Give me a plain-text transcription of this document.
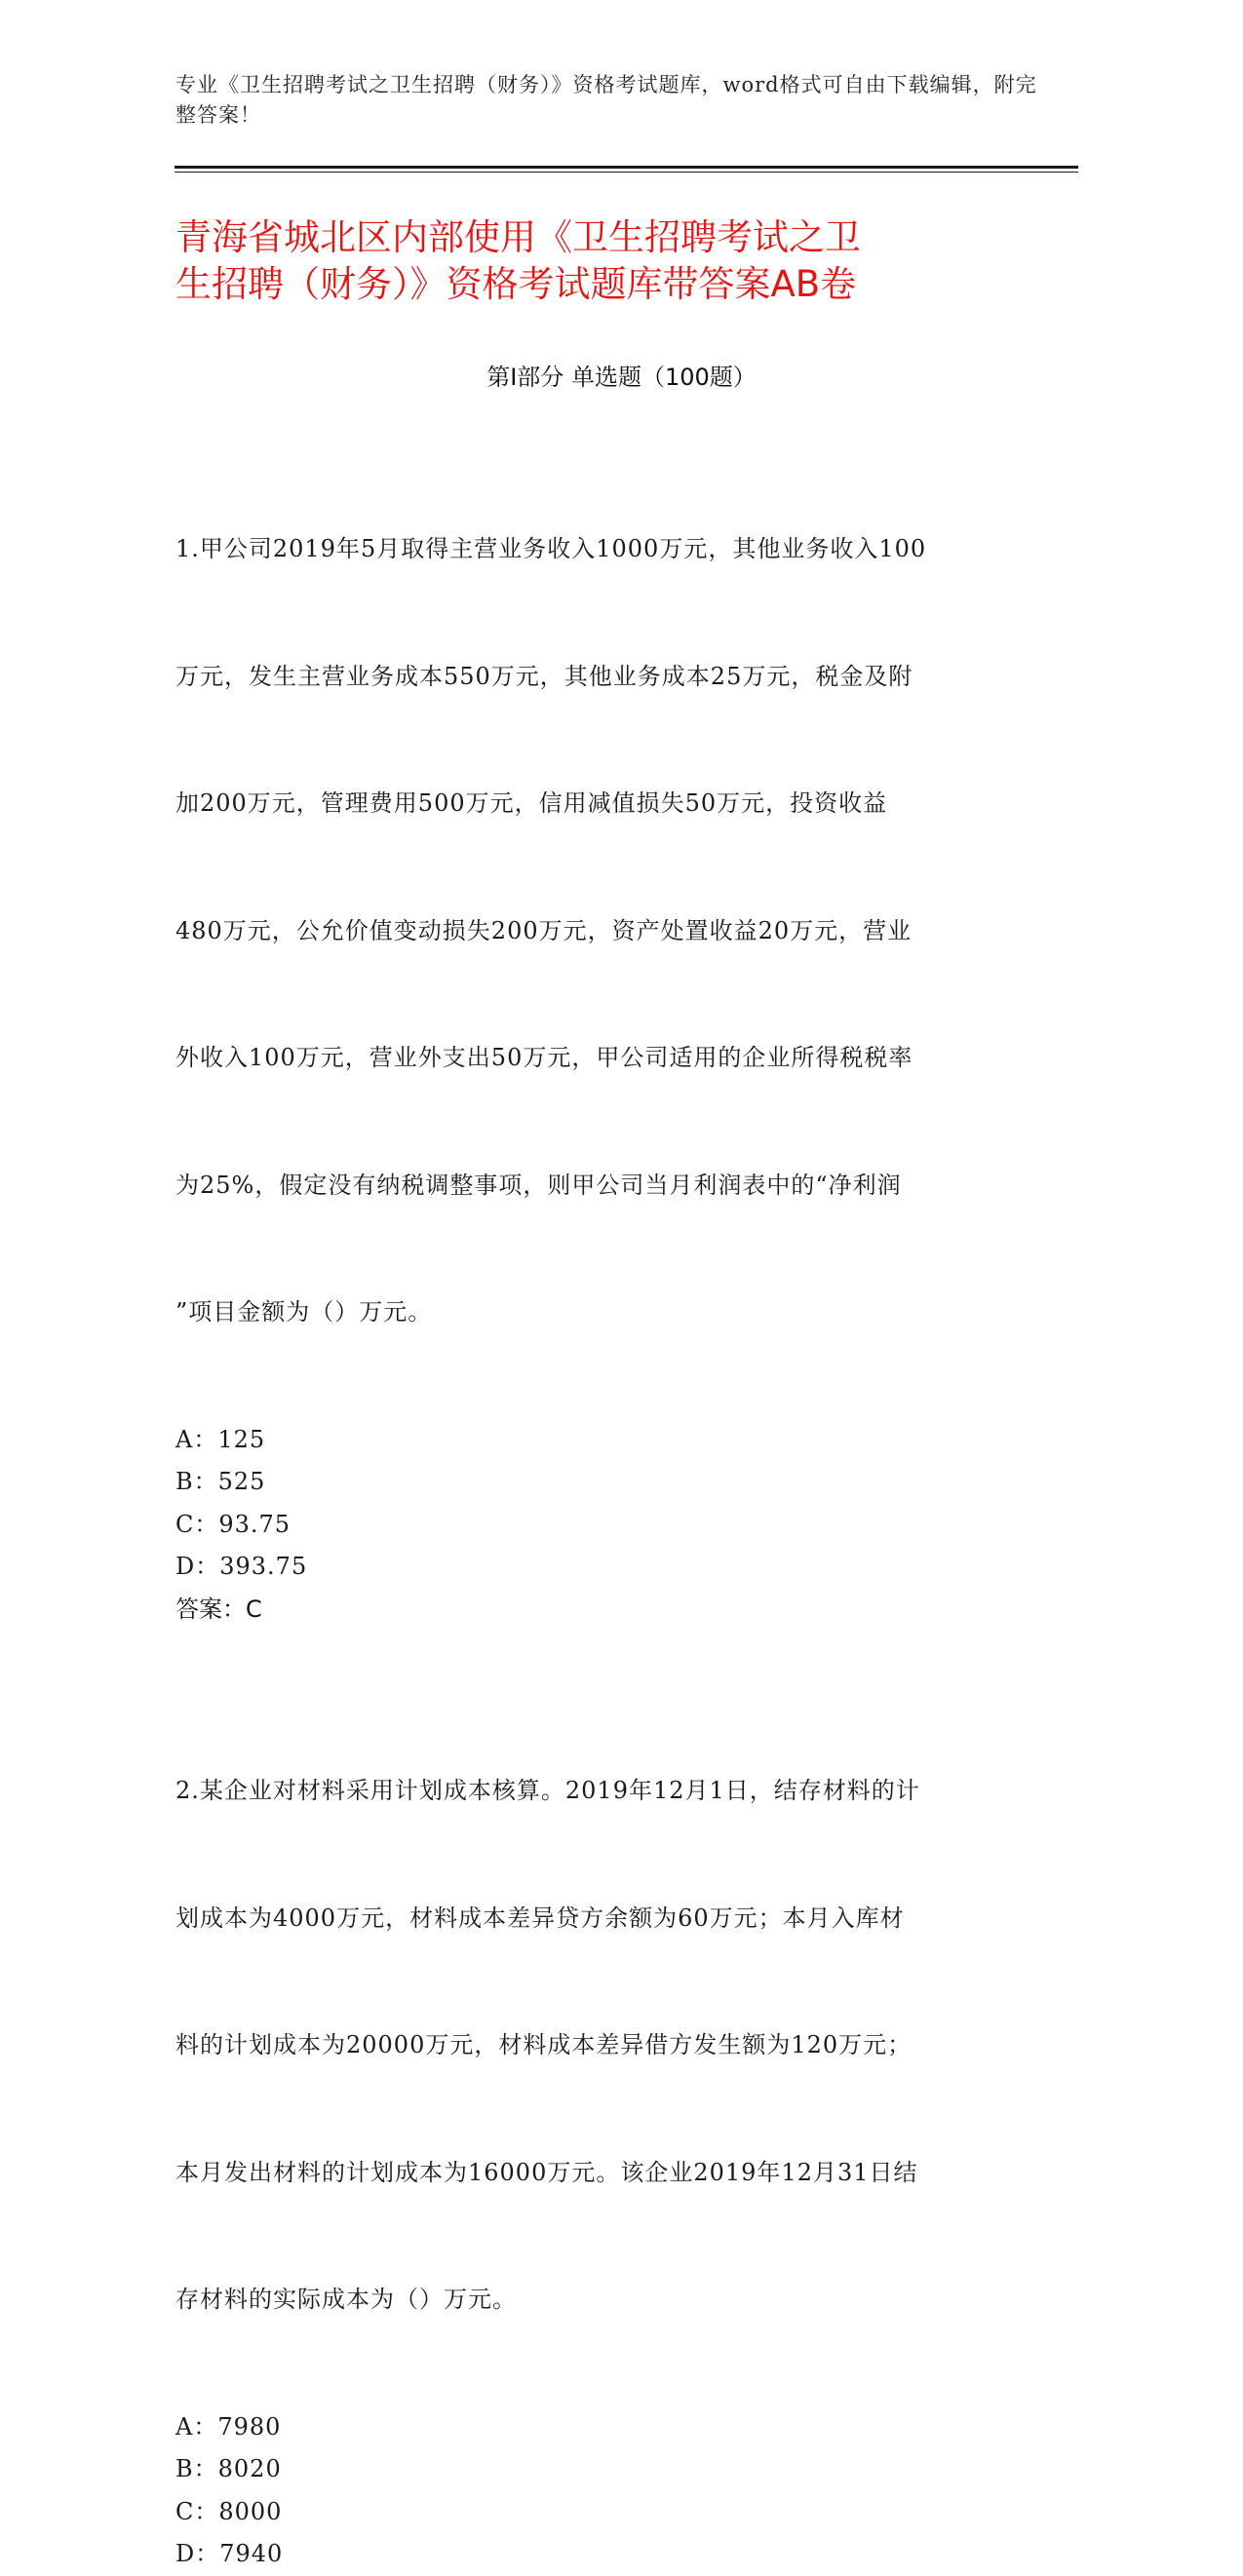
专业《卫生招聘考试之卫生招聘（财务）》资格考试题库，word格式可自由下载编辑，附完整答案！
青海省城北区内部使用《卫生招聘考试之卫
生招聘（财务）》资格考试题库带答案AB卷
第Ⅰ部分 单选题（100题）

1.甲公司2019年5月取得主营业务收入1000万元，其他业务收入100

万元，发生主营业务成本550万元，其他业务成本25万元，税金及附

加200万元，管理费用500万元，信用减值损失50万元，投资收益

480万元，公允价值变动损失200万元，资产处置收益20万元，营业

外收入100万元，营业外支出50万元，甲公司适用的企业所得税税率

为25%，假定没有纳税调整事项，则甲公司当月利润表中的“净利润

”项目金额为（）万元。

A：125
B：525
C：93.75
D：393.75
答案：C

2.某企业对材料采用计划成本核算。2019年12月1日，结存材料的计

划成本为4000万元，材料成本差异贷方余额为60万元；本月入库材

料的计划成本为20000万元，材料成本差异借方发生额为120万元；

本月发出材料的计划成本为16000万元。该企业2019年12月31日结

存材料的实际成本为（）万元。

A：7980
B：8020
C：8000
D：7940
